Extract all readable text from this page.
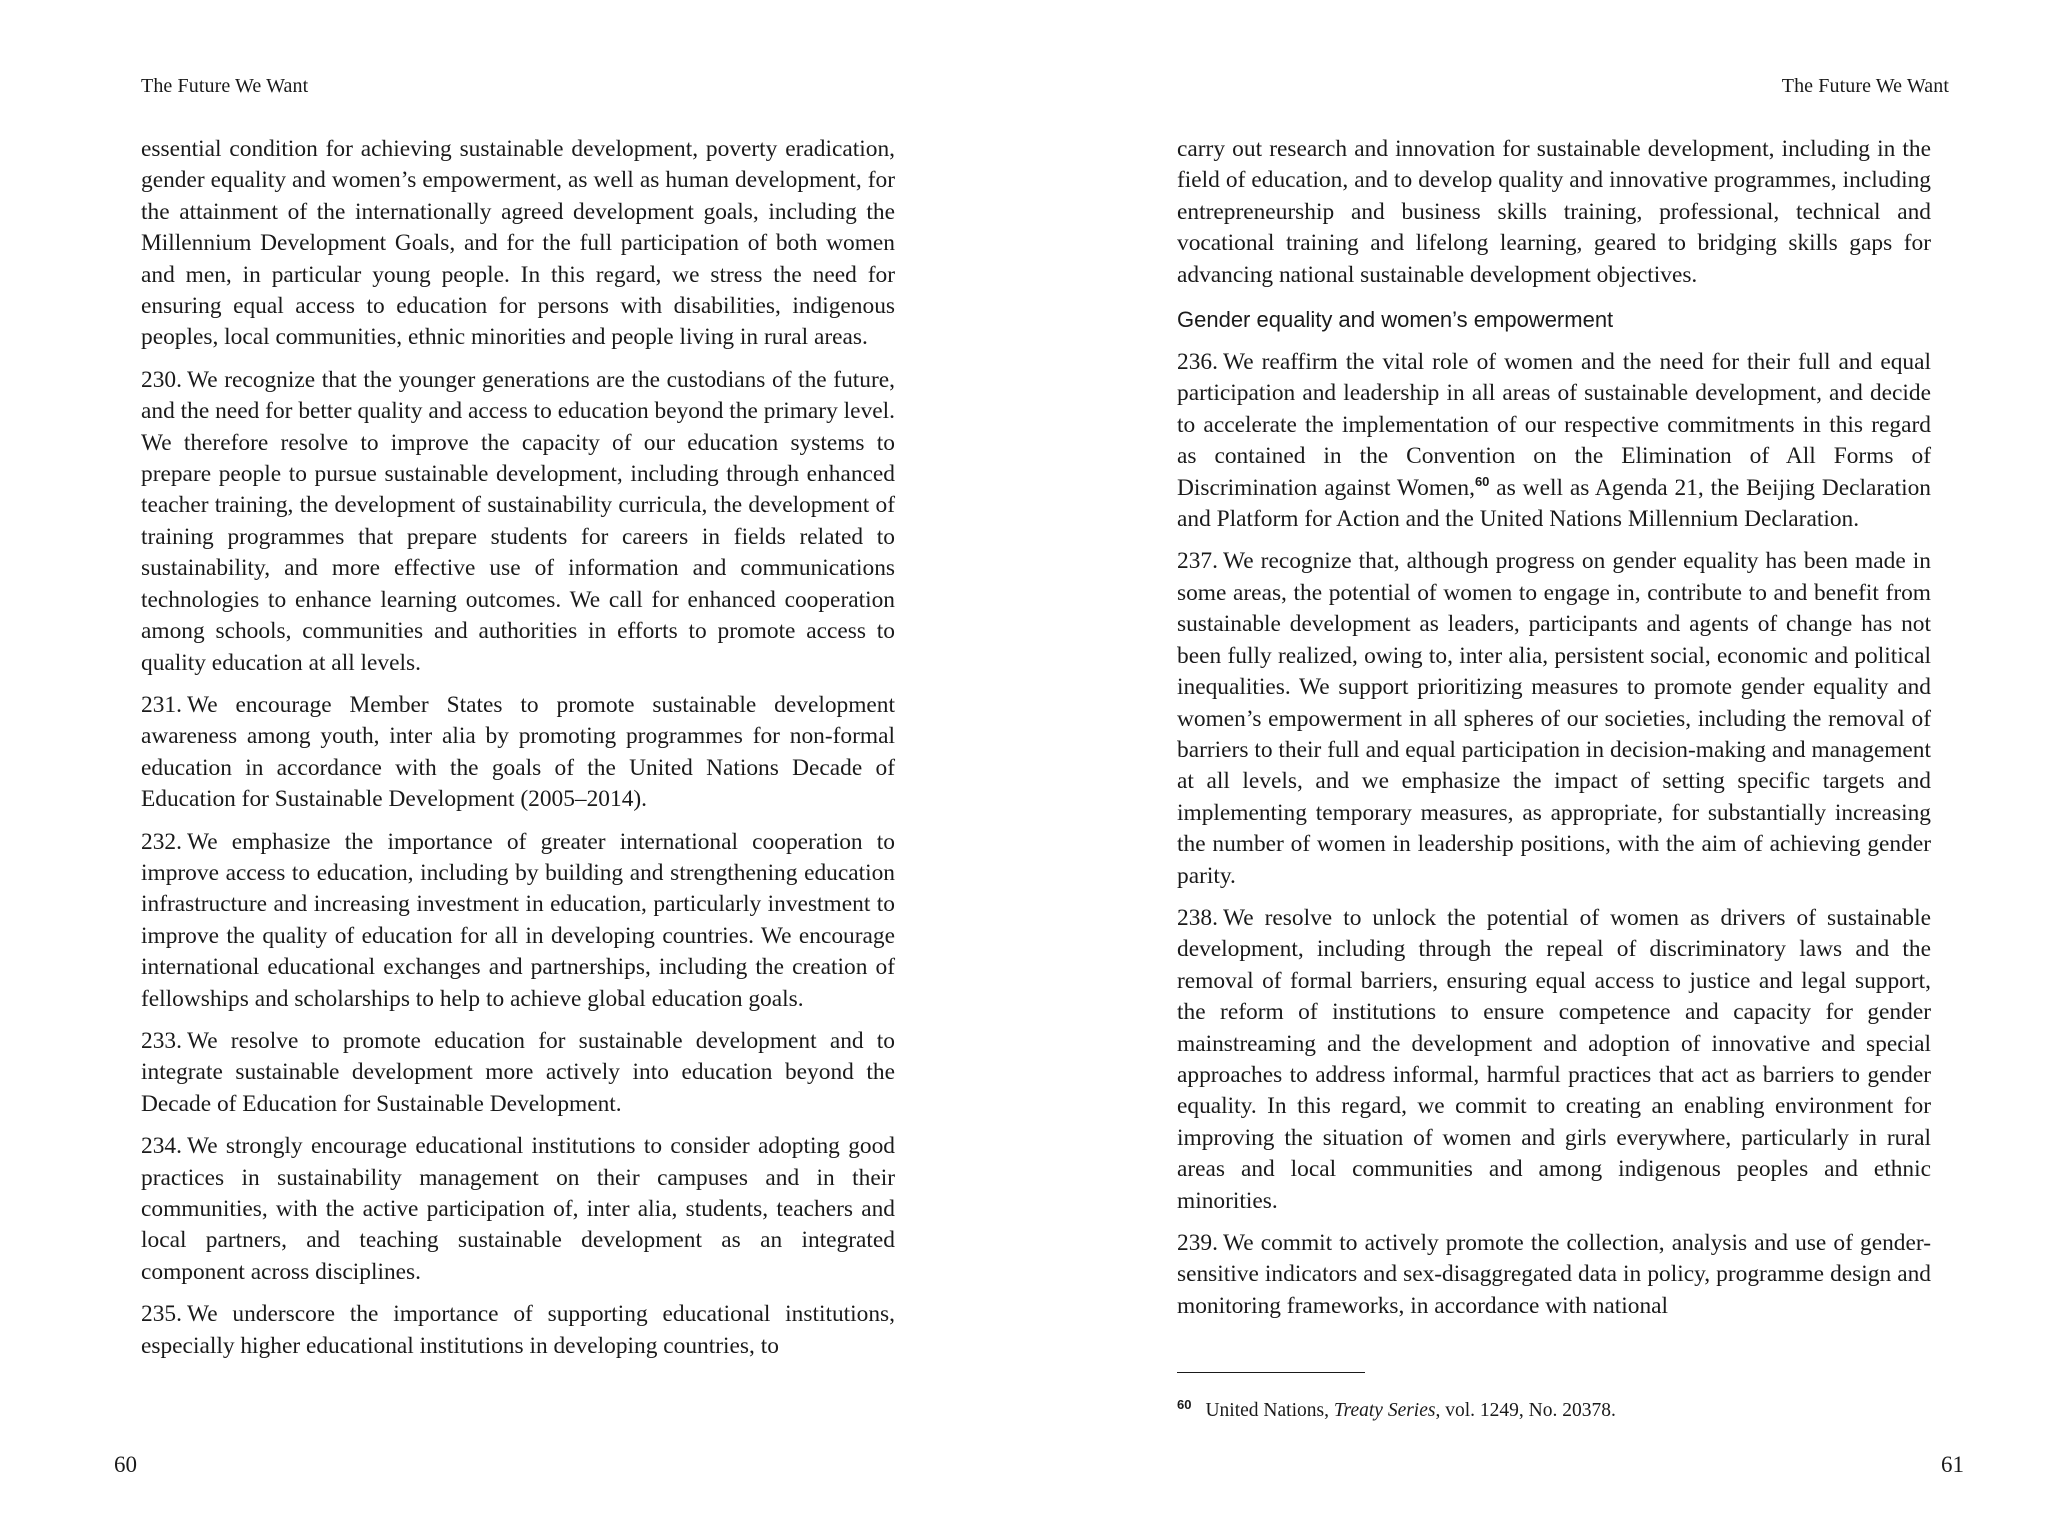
The Future We Want

essential condition for achieving sustainable development, poverty eradication, gender equality and women’s empowerment, as well as human development, for the attainment of the internationally agreed development goals, including the Millennium Development Goals, and for the full participation of both women and men, in particular young people. In this regard, we stress the need for ensuring equal access to education for persons with disabilities, indigenous peoples, local communities, ethnic minorities and people living in rural areas.

230. We recognize that the younger generations are the custodians of the future, and the need for better quality and access to education beyond the primary level. We therefore resolve to improve the capacity of our education systems to prepare people to pursue sustainable development, including through enhanced teacher training, the development of sustainability curricula, the development of training programmes that prepare students for careers in fields related to sustainability, and more effective use of information and communications technologies to enhance learning outcomes. We call for enhanced cooperation among schools, communities and authorities in efforts to promote access to quality education at all levels.

231. We encourage Member States to promote sustainable development awareness among youth, inter alia by promoting programmes for non-formal education in accordance with the goals of the United Nations Decade of Education for Sustainable Development (2005–2014).

232. We emphasize the importance of greater international cooperation to improve access to education, including by building and strengthening education infrastructure and increasing investment in education, particularly investment to improve the quality of education for all in developing countries. We encourage international educational exchanges and partnerships, including the creation of fellowships and scholarships to help to achieve global education goals.

233. We resolve to promote education for sustainable development and to integrate sustainable development more actively into education beyond the Decade of Education for Sustainable Development.

234. We strongly encourage educational institutions to consider adopting good practices in sustainability management on their campuses and in their communities, with the active participation of, inter alia, students, teachers and local partners, and teaching sustainable development as an integrated component across disciplines.

235. We underscore the importance of supporting educational institutions, especially higher educational institutions in developing countries, to

60
The Future We Want

carry out research and innovation for sustainable development, including in the field of education, and to develop quality and innovative programmes, including entrepreneurship and business skills training, professional, technical and vocational training and lifelong learning, geared to bridging skills gaps for advancing national sustainable development objectives.

Gender equality and women’s empowerment

236. We reaffirm the vital role of women and the need for their full and equal participation and leadership in all areas of sustainable development, and decide to accelerate the implementation of our respective commitments in this regard as contained in the Convention on the Elimination of All Forms of Discrimination against Women,$^{60}$ as well as Agenda 21, the Beijing Declaration and Platform for Action and the United Nations Millennium Declaration.

237. We recognize that, although progress on gender equality has been made in some areas, the potential of women to engage in, contribute to and benefit from sustainable development as leaders, participants and agents of change has not been fully realized, owing to, inter alia, persistent social, economic and political inequalities. We support prioritizing measures to promote gender equality and women’s empowerment in all spheres of our societies, including the removal of barriers to their full and equal participation in decision-making and management at all levels, and we emphasize the impact of setting specific targets and implementing temporary measures, as appropriate, for substantially increasing the number of women in leadership positions, with the aim of achieving gender parity.

238. We resolve to unlock the potential of women as drivers of sustainable development, including through the repeal of discriminatory laws and the removal of formal barriers, ensuring equal access to justice and legal support, the reform of institutions to ensure competence and capacity for gender mainstreaming and the development and adoption of innovative and special approaches to address informal, harmful practices that act as barriers to gender equality. In this regard, we commit to creating an enabling environment for improving the situation of women and girls everywhere, particularly in rural areas and local communities and among indigenous peoples and ethnic minorities.

239. We commit to actively promote the collection, analysis and use of gender-sensitive indicators and sex-disaggregated data in policy, programme design and monitoring frameworks, in accordance with national

$^{60}$ United Nations, Treaty Series, vol. 1249, No. 20378.
61
